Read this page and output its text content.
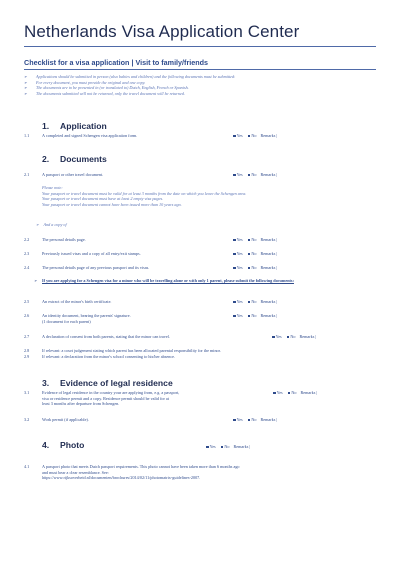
Netherlands Visa Application Center
Checklist for a visa application | Visit to family/friends
➢	Applications should be submitted in person (also babies and children) and the following documents must be submitted:
➢	For every document, you must provide the original and one copy.
➢	The documents are to be presented in (or translated to) Dutch, English, French or Spanish.
➢	The documents submitted will not be returned, only the travel document will be returned.
1. Application
1.1	A completed and signed Schengen visa application form.	Yes No Remarks |
2. Documents
2.1	A passport or other travel document.	Yes No Remarks |
Please note:
Your passport or travel document must be valid for at least 3 months from the date on which you leave the Schengen area.
Your passport or travel document must have at least 2 empty visa pages.
Your passport or travel document cannot have been issued more than 10 years ago.
➢ And a copy of
2.2	The personal details page.	Yes No Remarks |
2.3	Previously issued visas and a copy of all entry/exit stamps.	Yes No Remarks |
2.4	The personal details page of any previous passport and its visas.	Yes No Remarks |
➢ If you are applying for a Schengen visa for a minor who will be travelling alone or with only 1 parent, please submit the following documents:
2.5	An extract of the minor's birth certificate.	Yes No Remarks |
2.6	An identity document, bearing the parents' signature.
(1 document for each parent)
Yes No Remarks |
2.7	A declaration of consent from both parents, stating that the minor can travel.	Yes No Remarks |
2.8	If relevant: a court judgement stating which parent has been allocated parental responsibility for the minor.
2.9	If relevant: a declaration from the minor's school consenting to his/her absence.
3. Evidence of legal residence
3.1	Evidence of legal residence in the country your are applying from, e.g. a passport,
visa or residence permit and a copy. Residence permit should be valid for at
least 3 months after departure from Schengen.
Yes No Remarks |
3.2	Work permit (if applicable).	Yes No Remarks |
4. Photo	Yes No Remarks |
4.1	A passport photo that meets Dutch passport requirements. This photo cannot have been taken more than 6 months ago
and must bear a clear resemblance. See:
https://www.rijksoverheid.nl/documenten/brochures/2014/02/11/photomatrix-guidelines-2007.
